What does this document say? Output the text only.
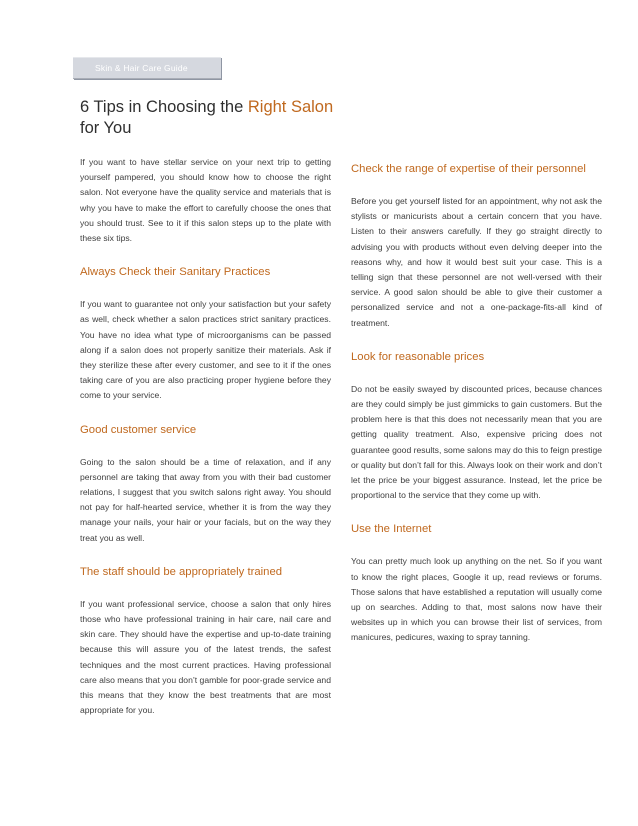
Skin & Hair Care Guide
6 Tips in Choosing the Right Salon
for You

If you want to have stellar service on your next trip to getting yourself pampered, you should know how to choose the right salon. Not everyone have the quality service and materials that is why you have to make the effort to carefully choose the ones that you should trust. See to it if this salon steps up to the plate with these six tips.

Always Check their Sanitary Practices

If you want to guarantee not only your satisfaction but your safety as well, check whether a salon practices strict sanitary practices. You have no idea what type of microorganisms can be passed along if a salon does not properly sanitize their materials. Ask if they sterilize these after every customer, and see to it if the ones taking care of you are also practicing proper hygiene before they come to your service.

Good customer service

Going to the salon should be a time of relaxation, and if any personnel are taking that away from you with their bad customer relations, I suggest that you switch salons right away. You should not pay for half-hearted service, whether it is from the way they manage your nails, your hair or your facials, but on the way they treat you as well.

The staff should be appropriately trained

If you want professional service, choose a salon that only hires those who have professional training in hair care, nail care and skin care. They should have the expertise and up-to-date training because this will assure you of the latest trends, the safest techniques and the most current practices. Having professional care also means that you don’t gamble for poor-grade service and this means that they know the best treatments that are most appropriate for you.

Check the range of expertise of their personnel

Before you get yourself listed for an appointment, why not ask the stylists or manicurists about a certain concern that you have. Listen to their answers carefully. If they go straight directly to advising you with products without even delving deeper into the reasons why, and how it would best suit your case. This is a telling sign that these personnel are not well-versed with their service. A good salon should be able to give their customer a personalized service and not a one-package-fits-all kind of treatment.

Look for reasonable prices

Do not be easily swayed by discounted prices, because chances are they could simply be just gimmicks to gain customers. But the problem here is that this does not necessarily mean that you are getting quality treatment. Also, expensive pricing does not guarantee good results, some salons may do this to feign prestige or quality but don’t fall for this. Always look on their work and don’t let the price be your biggest assurance. Instead, let the price be proportional to the service that they come up with.

Use the Internet

You can pretty much look up anything on the net. So if you want to know the right places, Google it up, read reviews or forums. Those salons that have established a reputation will usually come up on searches. Adding to that, most salons now have their websites up in which you can browse their list of services, from manicures, pedicures, waxing to spray tanning.
